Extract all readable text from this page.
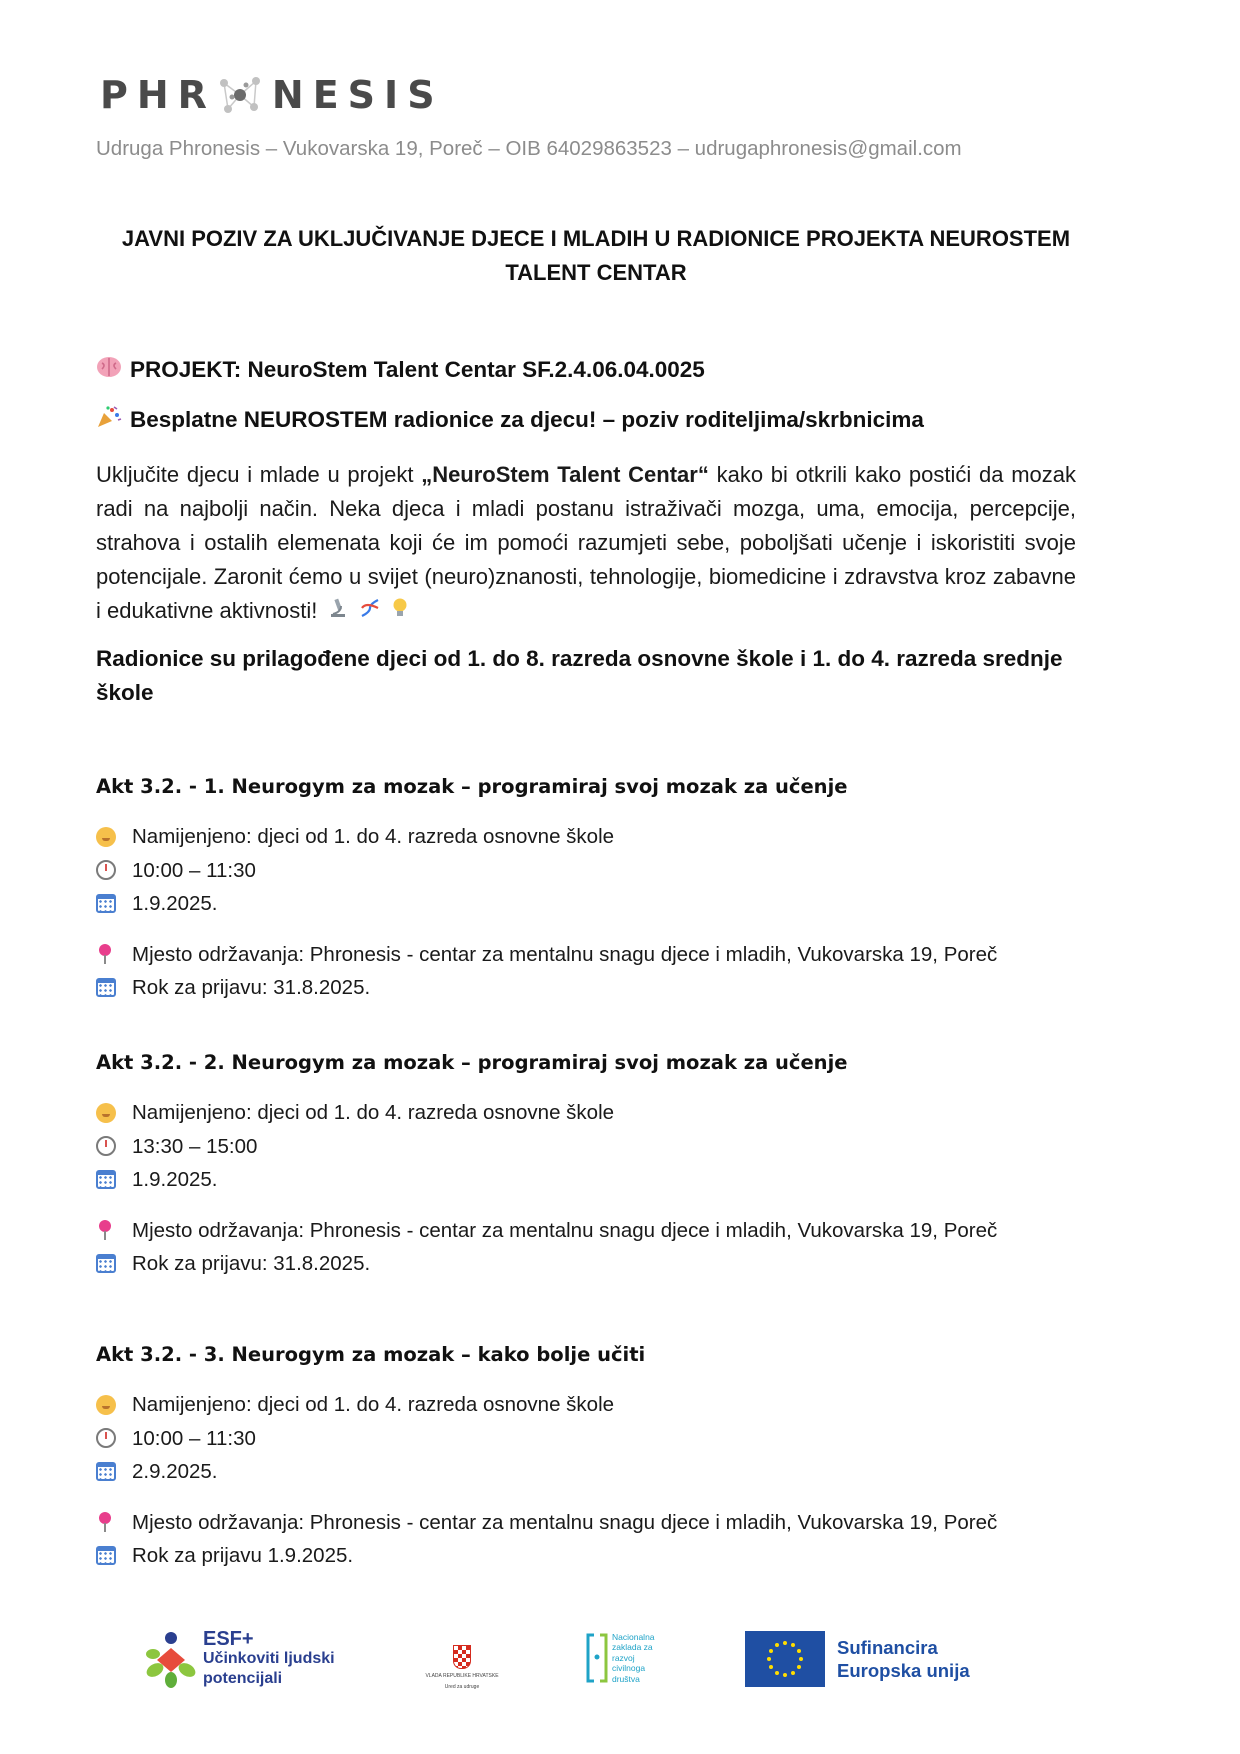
PHR NESIS
Udruga Phronesis – Vukovarska 19, Poreč – OIB 64029863523 – udrugaphronesis@gmail.com
JAVNI POZIV ZA UKLJUČIVANJE DJECE I MLADIH U RADIONICE PROJEKTA NEUROSTEM
TALENT CENTAR
PROJEKT: NeuroStem Talent Centar SF.2.4.06.04.0025
Besplatne NEUROSTEM radionice za djecu! – poziv roditeljima/skrbnicima
Uključite djecu i mlade u projekt „NeuroStem Talent Centar“ kako bi otkrili kako postići da mozak radi na najbolji način. Neka djeca i mladi postanu istraživači mozga, uma, emocija, percepcije, strahova i ostalih elemenata koji će im pomoći razumjeti sebe, poboljšati učenje i iskoristiti svoje potencijale. Zaronit ćemo u svijet (neuro)znanosti, tehnologije, biomedicine i zdravstva kroz zabavne i edukativne aktivnosti!
Radionice su prilagođene djeci od 1. do 8. razreda osnovne škole i 1. do 4. razreda srednje škole
Akt 3.2. - 1. Neurogym za mozak – programiraj svoj mozak za učenje
Namijenjeno: djeci od 1. do 4. razreda osnovne škole
10:00 – 11:30
1.9.2025.
Mjesto održavanja: Phronesis - centar za mentalnu snagu djece i mladih, Vukovarska 19, Poreč
Rok za prijavu: 31.8.2025.
Akt 3.2. - 2. Neurogym za mozak – programiraj svoj mozak za učenje
Namijenjeno: djeci od 1. do 4. razreda osnovne škole
13:30 – 15:00
1.9.2025.
Mjesto održavanja: Phronesis - centar za mentalnu snagu djece i mladih, Vukovarska 19, Poreč
Rok za prijavu: 31.8.2025.
Akt 3.2. - 3. Neurogym za mozak – kako bolje učiti
Namijenjeno: djeci od 1. do 4. razreda osnovne škole
10:00 – 11:30
2.9.2025.
Mjesto održavanja: Phronesis - centar za mentalnu snagu djece i mladih, Vukovarska 19, Poreč
Rok za prijavu 1.9.2025.
ESF+
Učinkoviti ljudski
potencijali	VLADA REPUBLIKE HRVATSKE
Ured za udruge
Nacionalna
zaklada za
razvoj
civilnoga
društva
Sufinancira
Europska unija
